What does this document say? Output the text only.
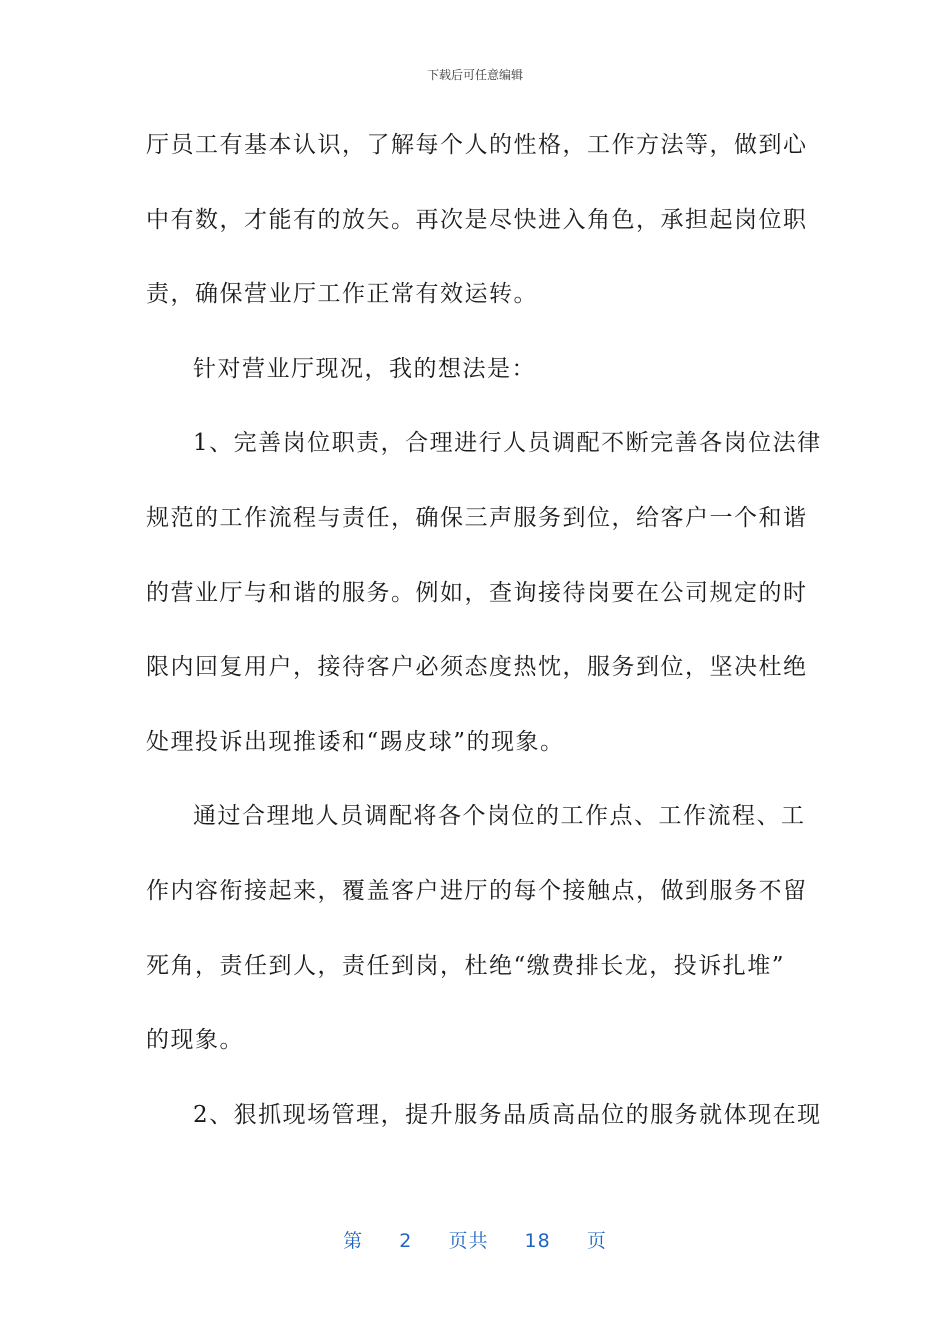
下载后可任意编辑
厅员工有基本认识，了解每个人的性格，工作方法等，做到心
中有数，才能有的放矢。再次是尽快进入角色，承担起岗位职
责，确保营业厅工作正常有效运转。
针对营业厅现况，我的想法是：
1、完善岗位职责，合理进行人员调配不断完善各岗位法律
规范的工作流程与责任，确保三声服务到位，给客户一个和谐
的营业厅与和谐的服务。例如，查询接待岗要在公司规定的时
限内回复用户，接待客户必须态度热忱，服务到位，坚决杜绝
处理投诉出现推诿和“踢皮球”的现象。
通过合理地人员调配将各个岗位的工作点、工作流程、工
作内容衔接起来，覆盖客户进厅的每个接触点，做到服务不留
死角，责任到人，责任到岗，杜绝“缴费排长龙，投诉扎堆”
的现象。
2、狠抓现场管理，提升服务品质高品位的服务就体现在现
第 2 页共 18 页
